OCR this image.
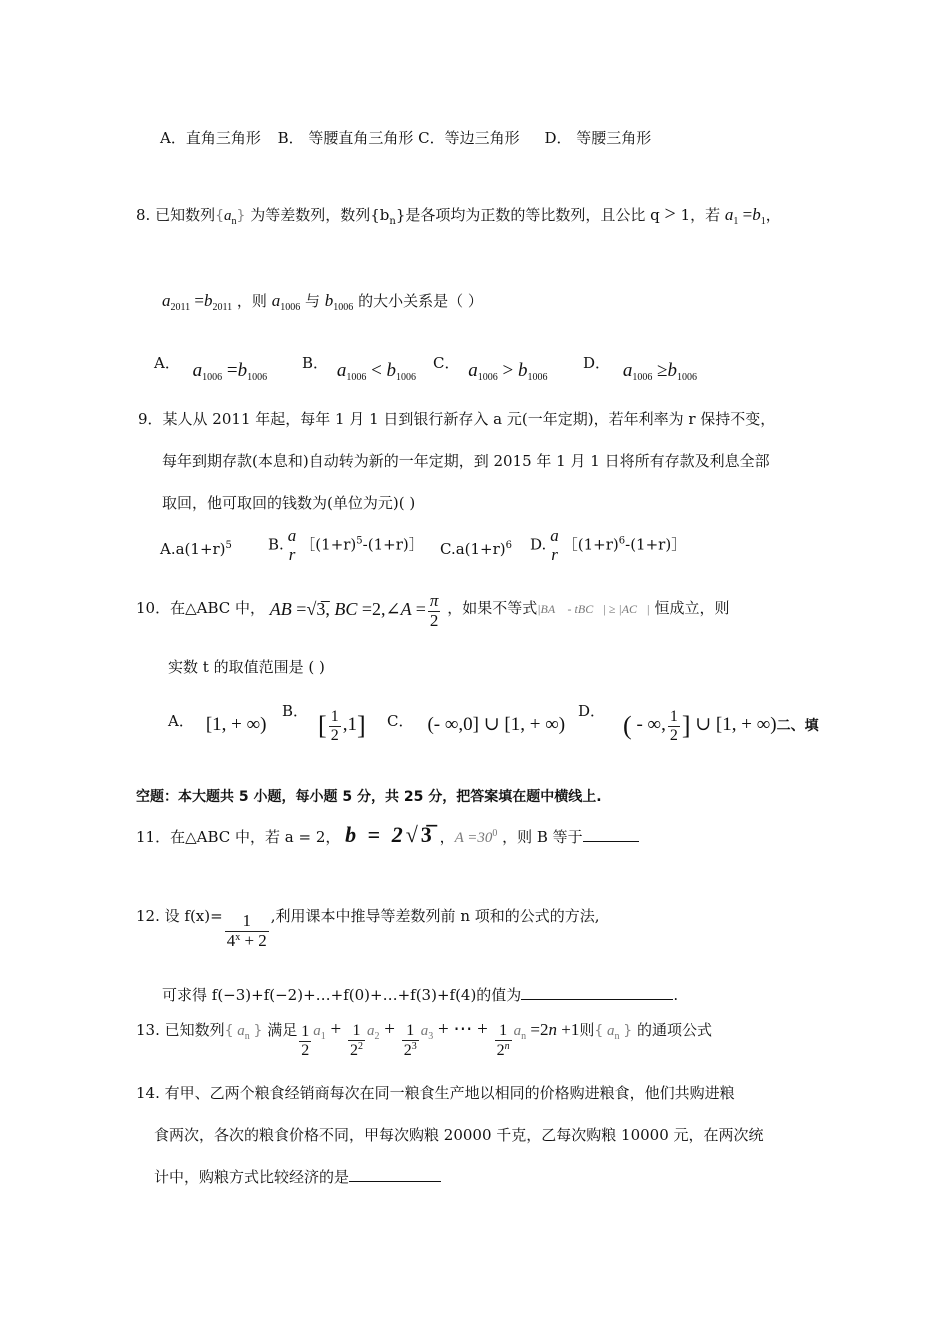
A．直角三角形 B． 等腰直角三角形 C．等边三角形 D． 等腰三角形
8. 已知数列$\{a_n\}$ 为等差数列，数列$\{b_n\}$是各项均为正数的等比数列，且公比 q > 1，若 $a_1 =b_1$，
$a_{2011} =b_{2011}$ ，则 $a_{1006}$ 与 $b_{1006}$ 的大小关系是（ ）
A． $a_{1006} =b_{1006}$
B． $a_{1006} < b_{1006}$
C． $a_{1006} > b_{1006}$
D． $a_{1006} \ge b_{1006}$
9．某人从 2011 年起，每年 1 月 1 日到银行新存入 a 元(一年定期)，若年利率为 r 保持不变，
每年到期存款(本息和)自动转为新的一年定期，到 2015 年 1 月 1 日将所有存款及利息全部
取回，他可取回的钱数为(单位为元)( )
$A.a(1+r)^5$ B. a
r $[(1+r)^5-(1+r)]$ $C.a(1+r)^6$ D. a
r $[(1+r)^6-(1+r)]$
10．在△ABC 中， AB =√3̅, BC =2,∠A = $\frac{\pi}{2}$ ，如果不等式|BA⃗ - tBC⃗| ≥ |AC⃗| 恒成立，则
实数 t 的取值范围是 ( )
A． [1, + ∞)
B． [ $\frac{1}{2} ,1$] C． (- ∞,0] ∪ [1, + ∞)
D． ( - ∞, $\frac{1}{2}$ ] ∪ [1, + ∞)二、填
空题：本大题共 5 小题，每小题 5 分，共 25 分，把答案填在题中横线上.
11．在△ABC 中，若 a = 2， b = 2√3̅ ，$A =30^0$ ，则 B 等于
12. 设 $f(x)= \frac{1}{4^x + 2}$ ,利用课本中推导等差数列前 n 项和的公式的方法,
可求得 f(−3)+f(−2)+…+f(0)+…+f(3)+f(4)的值为	.
13. 已知数列{ $a_n$ } 满足 $\frac{1}{2} a_1 + \frac{1}{2^2} a_2 + \frac{1}{2^3} a_3$ + ⋯ + $\frac{1}{2^n} a_n =2n +1$则{ $a_n$ } 的通项公式
14. 有甲、乙两个粮食经销商每次在同一粮食生产地以相同的价格购进粮食，他们共购进粮
食两次，各次的粮食价格不同，甲每次购粮 20000 千克，乙每次购粮 10000 元，在两次统
计中，购粮方式比较经济的是
